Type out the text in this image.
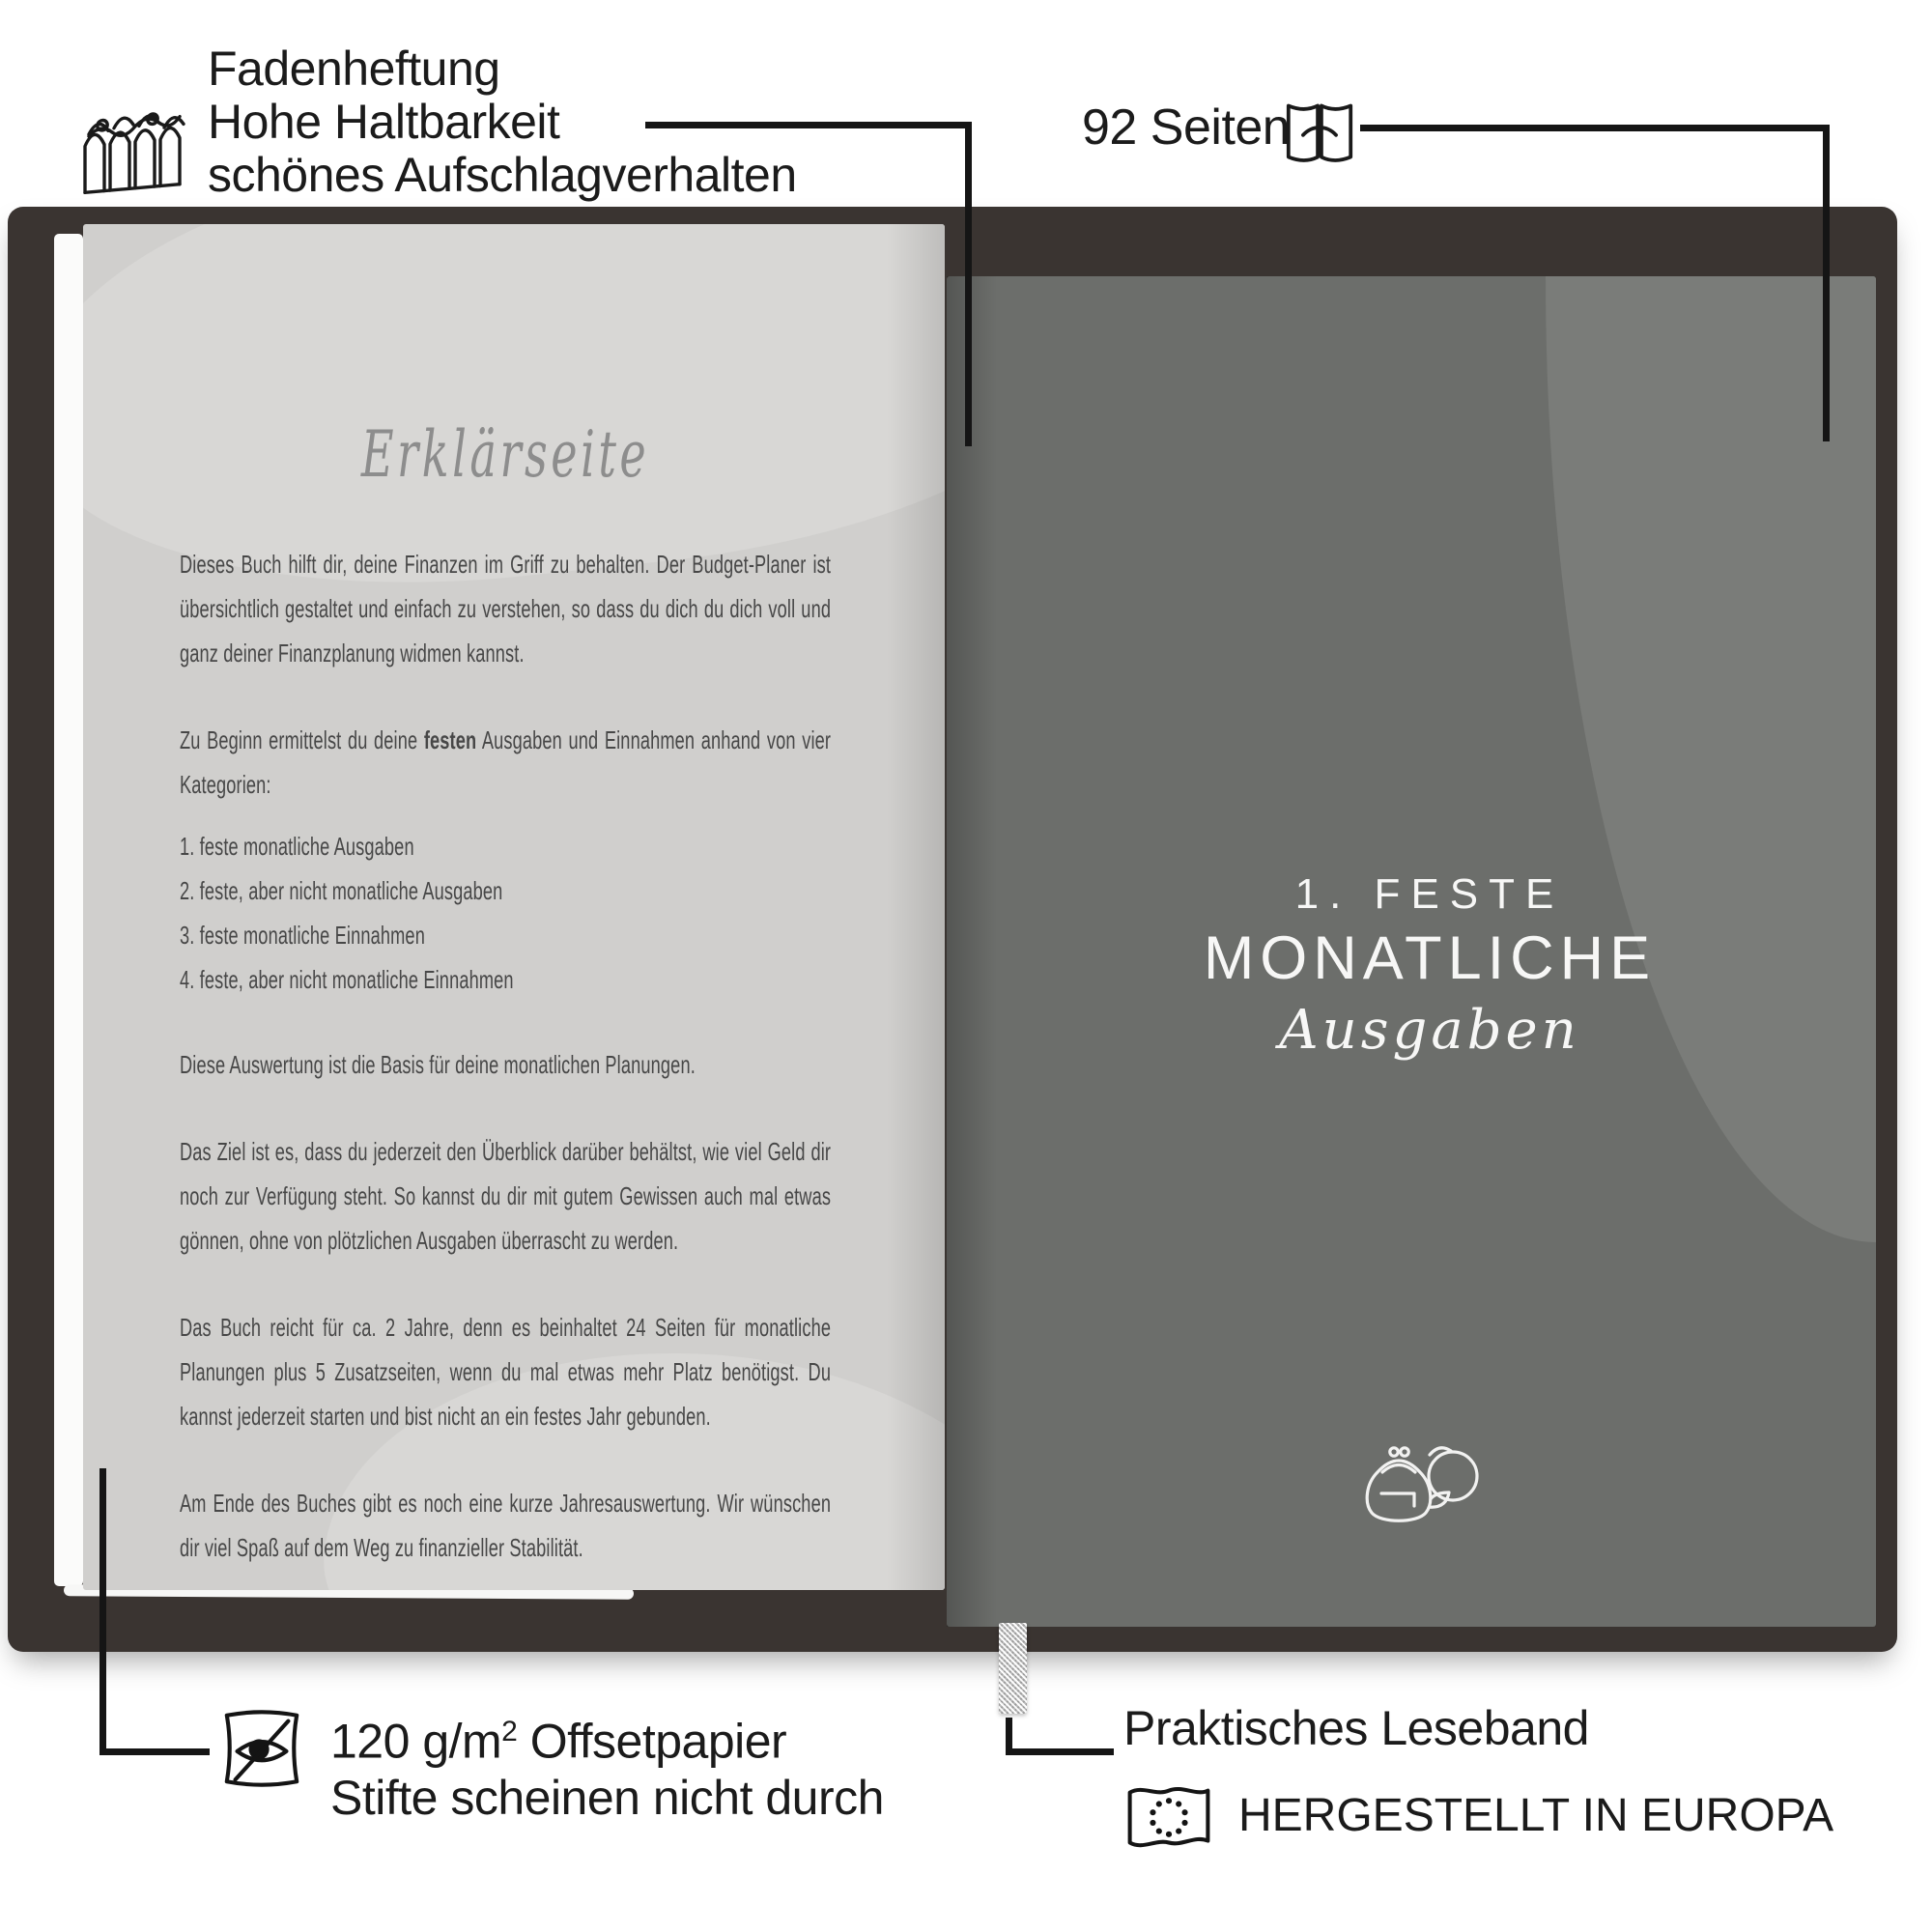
Erklärseite

Dieses Buch hilft dir, deine Finanzen im Griff zu behalten. Der Budget-Planer ist übersichtlich gestaltet und einfach zu verstehen, so dass du dich du dich voll und ganz deiner Finanzplanung widmen kannst.

Zu Beginn ermittelst du deine festen Ausgaben und Einnahmen anhand von vier Kategorien:

1. feste monatliche Ausgaben
2. feste, aber nicht monatliche Ausgaben
3. feste monatliche Einnahmen
4. feste, aber nicht monatliche Einnahmen

Diese Auswertung ist die Basis für deine monatlichen Planungen.

Das Ziel ist es, dass du jederzeit den Überblick darüber behältst, wie viel Geld dir noch zur Verfügung steht. So kannst du dir mit gutem Gewissen auch mal etwas gönnen, ohne von plötzlichen Ausgaben überrascht zu werden.

Das Buch reicht für ca. 2 Jahre, denn es beinhaltet 24 Seiten für monatliche Planungen plus 5 Zusatzseiten, wenn du mal etwas mehr Platz benötigst. Du kannst jederzeit starten und bist nicht an ein festes Jahr gebunden.

Am Ende des Buches gibt es noch eine kurze Jahresauswertung. Wir wünschen dir viel Spaß auf dem Weg zu finanzieller Stabilität.

1. FESTE
MONATLICHE
Ausgaben
Fadenheftung
Hohe Haltbarkeit
schönes Aufschlagverhalten
92 Seiten
120 $g/m^2$ Offsetpapier
Stifte scheinen nicht durch
Praktisches Leseband
HERGESTELLT IN EUROPA
